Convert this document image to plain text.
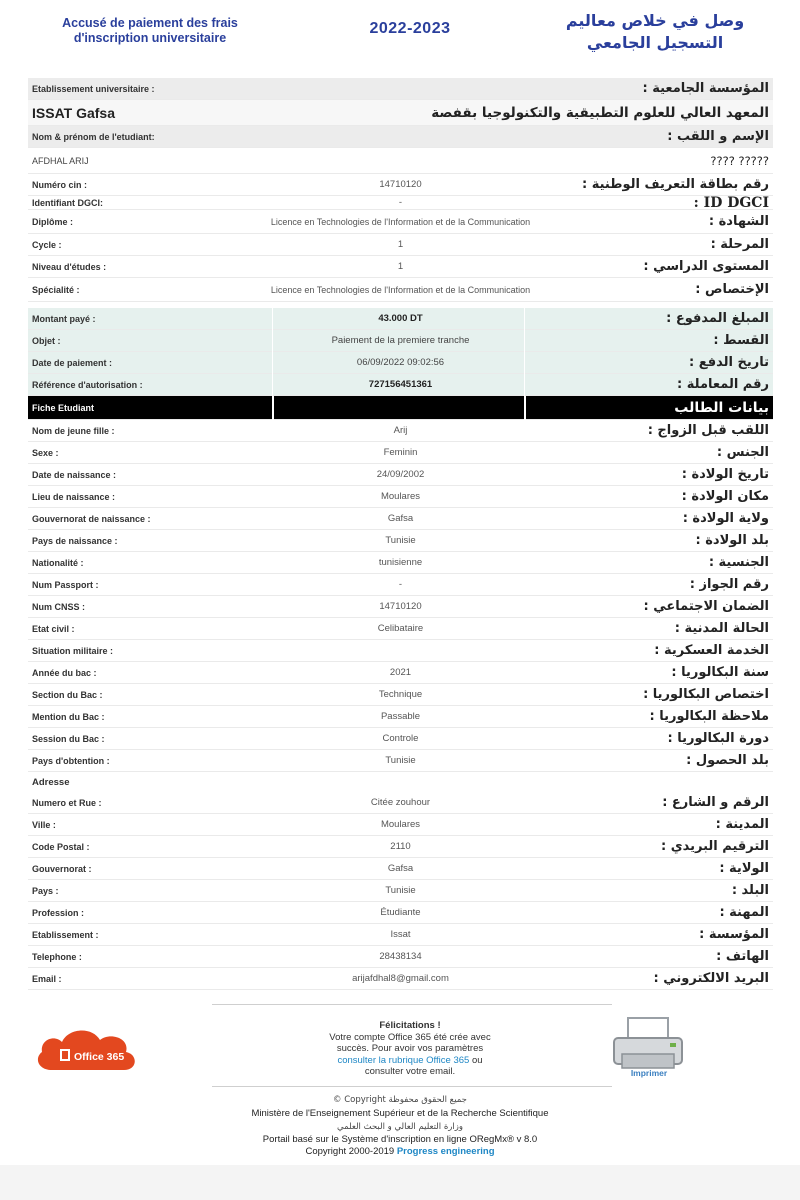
Accusé de paiement des frais
d'inscription universitaire
2022-2023	وصل في خلاص معاليم
التسجيل الجامعي
Etablissement universitaire :	المؤسسة الجامعية :
ISSAT Gafsa	المعهد العالي للعلوم التطبيقية والتكنولوجيا بقفصة
Nom & prénom de l'etudiant:	الإسم و اللقب :
AFDHAL ARIJ	????? ????
Numéro cin :	14710120	رقم بطاقة التعريف الوطنية :
Identifiant DGCI:	-	ID DGCI :
Diplôme :	Licence en Technologies de l'Information et de la Communication	الشهادة :
Cycle :	1	المرحلة :
Niveau d'études :	1	المستوى الدراسي :
Spécialité :	Licence en Technologies de l'Information et de la Communication	الإختصاص :
Montant payé :	43.000 DT	المبلغ المدفوع :
Objet :	Paiement de la premiere tranche	القسط :
Date de paiement :	06/09/2022 09:02:56	تاريخ الدفع :
Référence d'autorisation :	727156451361	رقم المعاملة :
Fiche Etudiant	بيانات الطالب
Nom de jeune fille :	Arij	اللقب قبل الزواج :
Sexe :	Feminin	الجنس :
Date de naissance :	24/09/2002	تاريخ الولادة :
Lieu de naissance :	Moulares	مكان الولادة :
Gouvernorat de naissance :	Gafsa	ولاية الولادة :
Pays de naissance :	Tunisie	بلد الولادة :
Nationalité :	tunisienne	الجنسية :
Num Passport :	-	رقم الجواز :
Num CNSS :	14710120	الضمان الاجتماعي :
Etat civil :	Celibataire	الحالة المدنية :
Situation militaire :	الخدمة العسكرية :
Année du bac :	2021	سنة البكالوريا :
Section du Bac :	Technique	اختصاص البكالوريا :
Mention du Bac :	Passable	ملاحظة البكالوريا :
Session du Bac :	Controle	دورة البكالوريا :
Pays d'obtention :	Tunisie	بلد الحصول :
Adresse
Numero et Rue :	Citée zouhour	الرقم و الشارع :
Ville :	Moulares	المدينة :
Code Postal :	2110	الترقيم البريدي :
Gouvernorat :	Gafsa	الولاية :
Pays :	Tunisie	البلد :
Profession :	Étudiante	المهنة :
Etablissement :	Issat	المؤسسة :
Telephone :	28438134	الهاتف :
Email :	arijafdhal8@gmail.com	البريد الالكتروني :
Office 365
Félicitations !
Votre compte Office 365 été crée avec
succès. Pour avoir vos paramètres
consulter la rubrique Office 365 ou
consulter votre email.	Imprimer
جميع الحقوق محفوظة Copyright ©
Ministère de l'Enseignement Supérieur et de la Recherche Scientifique
وزارة التعليم العالي و البحث العلمي
Portail basé sur le Système d'inscription en ligne ORegMx® v 8.0
Copyright 2000-2019 Progress engineering
